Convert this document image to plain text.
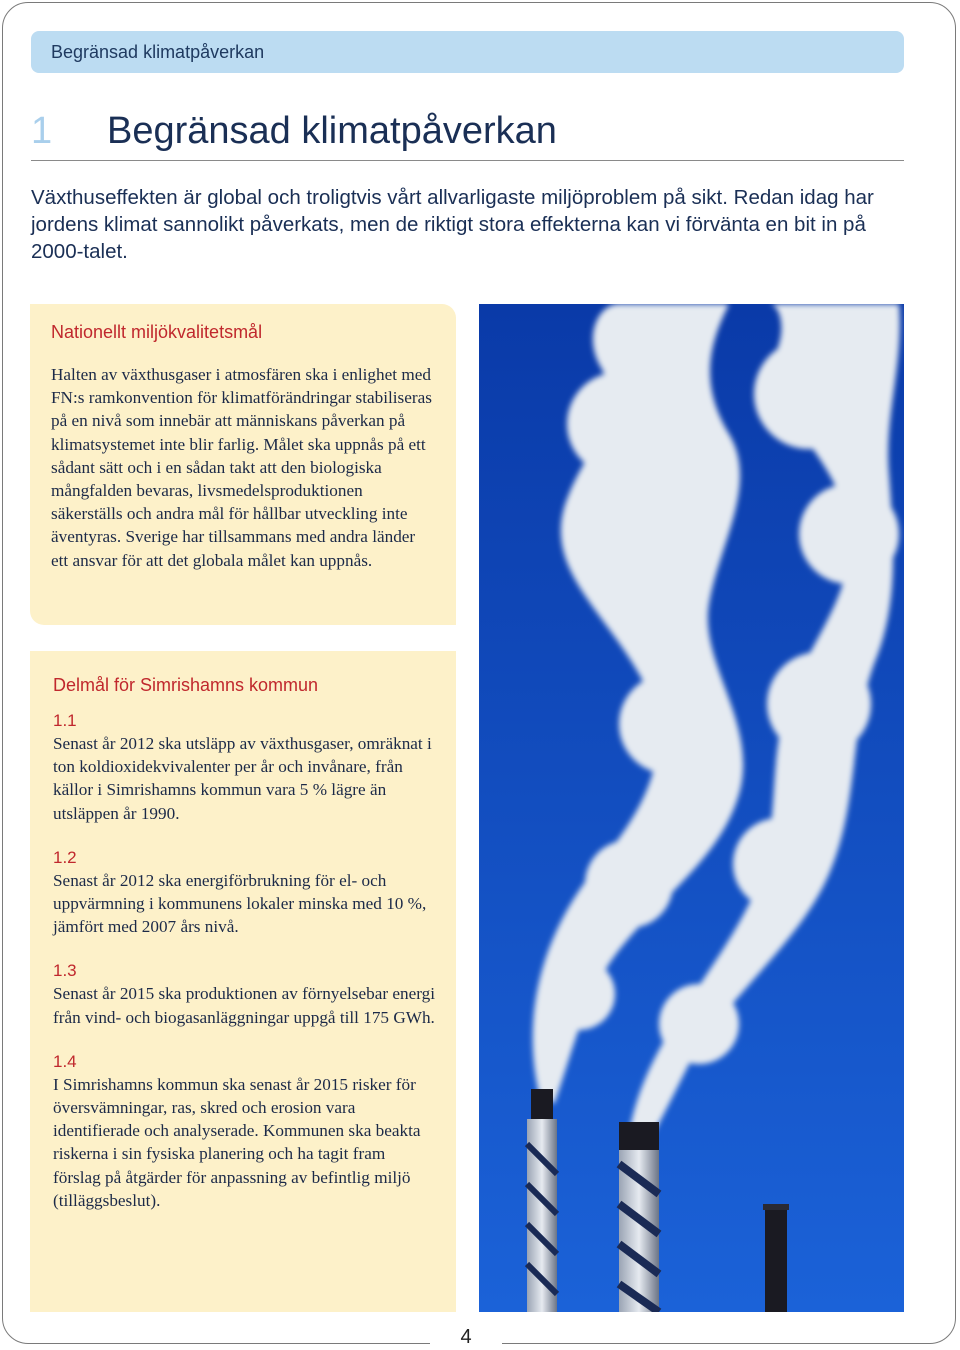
Begränsad klimatpåverkan
1	Begränsad klimatpåverkan

Växthuseffekten är global och troligtvis vårt allvarligaste miljöproblem på sikt. Redan idag har jordens klimat sannolikt påverkats, men de riktigt stora effekterna kan vi förvänta en bit in på 2000-talet.

Nationellt miljökvalitetsmål

Halten av växthusgaser i atmosfären ska i enlighet med FN:s ramkonvention för klimatförändringar stabiliseras på en nivå som innebär att människans påverkan på klimatsystemet inte blir farlig. Målet ska uppnås på ett sådant sätt och i en sådan takt att den biologiska mångfalden bevaras, livsmedelsproduktionen säkerställs och andra mål för hållbar utveckling inte äventyras. Sverige har tillsammans med andra länder ett ansvar för att det globala målet kan uppnås.

Delmål för Simrishamns kommun

1.1

Senast år 2012 ska utsläpp av växthusgaser, omräknat i ton koldioxidekvivalenter per år och invånare, från källor i Simrishamns kommun vara 5 % lägre än utsläppen år 1990.

1.2

Senast år 2012 ska energiförbrukning för el- och uppvärmning i kommunens lokaler minska med 10 %, jämfört med 2007 års nivå.

1.3

Senast år 2015 ska produktionen av förnyelsebar energi från vind- och biogasanläggningar uppgå till 175 GWh.

1.4

I Simrishamns kommun ska senast år 2015 risker för översvämningar, ras, skred och erosion vara identifierade och analyserade. Kommunen ska beakta riskerna i sin fysiska planering och ha tagit fram förslag på åtgärder för anpassning av befintlig miljö (tilläggsbeslut).

4
